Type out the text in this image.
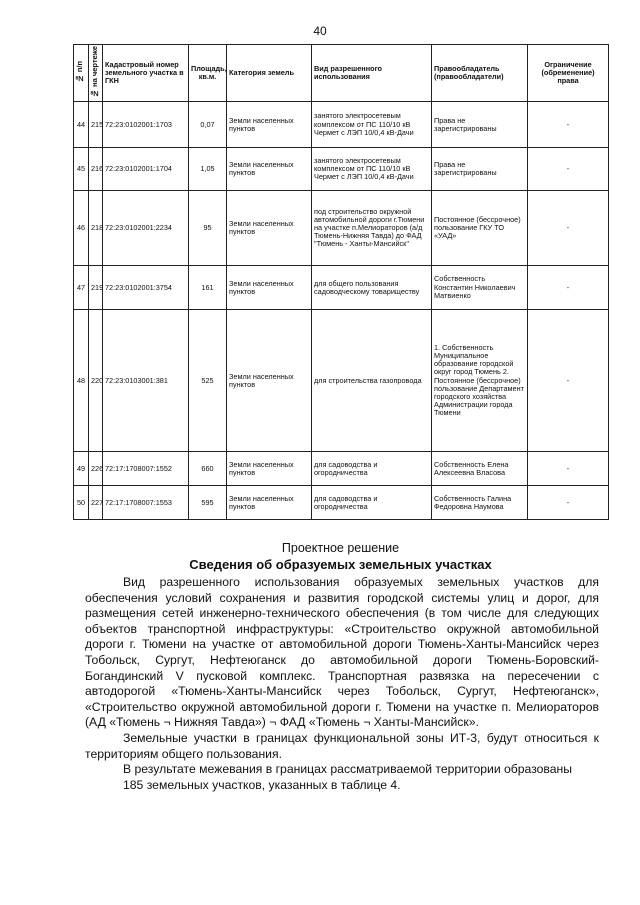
40
№ п/п	№ на чертеже	Кадастровый номер земельного участка в ГКН	Площадь, кв.м.	Категория земель	Вид разрешенного использования	Правообладатель (правообладатели)	Ограничение (обременение) права
44	215	72:23:0102001:1703	0,07	Земли населенных пунктов	занятого электросетевым комплексом от ПС 110/10 кВ Чермет с ЛЭП 10/0,4 кВ-Дачи	Права не зарегистрированы	-
45	216	72:23:0102001:1704	1,05	Земли населенных пунктов	занятого электросетевым комплексом от ПС 110/10 кВ Чермет с ЛЭП 10/0,4 кВ-Дачи	Права не зарегистрированы	-
46	218	72:23:0102001:2234	95	Земли населенных пунктов	под строительство окружной автомобильной дороги г.Тюмени на участке п.Мелиораторов (а/д Тюмень-Нижняя Тавда) до ФАД "Тюмень - Ханты-Мансийск"	Постоянное (бессрочное) пользование ГКУ ТО «УАД»	-
47	219	72:23:0102001:3754	161	Земли населенных пунктов	для общего пользования садоводческому товариществу	Собственность Константин Николаевич Матвиенко	-
48	220	72:23:0103001:381	525	Земли населенных пунктов	для строительства газопровода	1. Собственность Муниципальное образование городской округ город Тюмень 2. Постоянное (бессрочное) пользование Департамент городского хозяйства Администрации города Тюмени	-
49	226	72:17:1708007:1552	660	Земли населенных пунктов	для садоводства и огородничества	Собственность Елена Алексеевна Власова	-
50	227	72:17:1708007:1553	595	Земли населенных пунктов	для садоводства и огородничества	Собственность Галина Федоровна Наумова	-
Проектное решение
Сведения об образуемых земельных участках

Вид разрешенного использования образуемых земельных участков для обеспечения условий сохранения и развития городской системы улиц и дорог, для размещения сетей инженерно-технического обеспечения (в том числе для следующих объектов транспортной инфраструктуры: «Строительство окружной автомобильной дороги г. Тюмени на участке от автомобильной дороги Тюмень-Ханты-Мансийск через Тобольск, Сургут, Нефтеюганск до автомобильной дороги Тюмень-Боровский-Богандинский V пусковой комплекс. Транспортная развязка на пересечении с автодорогой «Тюмень-Ханты-Мансийск через Тобольск, Сургут, Нефтеюганск», «Строительство окружной автомобильной дороги г. Тюмени на участке п. Мелиораторов (АД «Тюмень ¬ Нижняя Тавда») ¬ ФАД «Тюмень ¬ Ханты-Мансийск».

Земельные участки в границах функциональной зоны ИТ-3, будут относиться к территориям общего пользования.

В результате межевания в границах рассматриваемой территории образованы

185 земельных участков, указанных в таблице 4.
